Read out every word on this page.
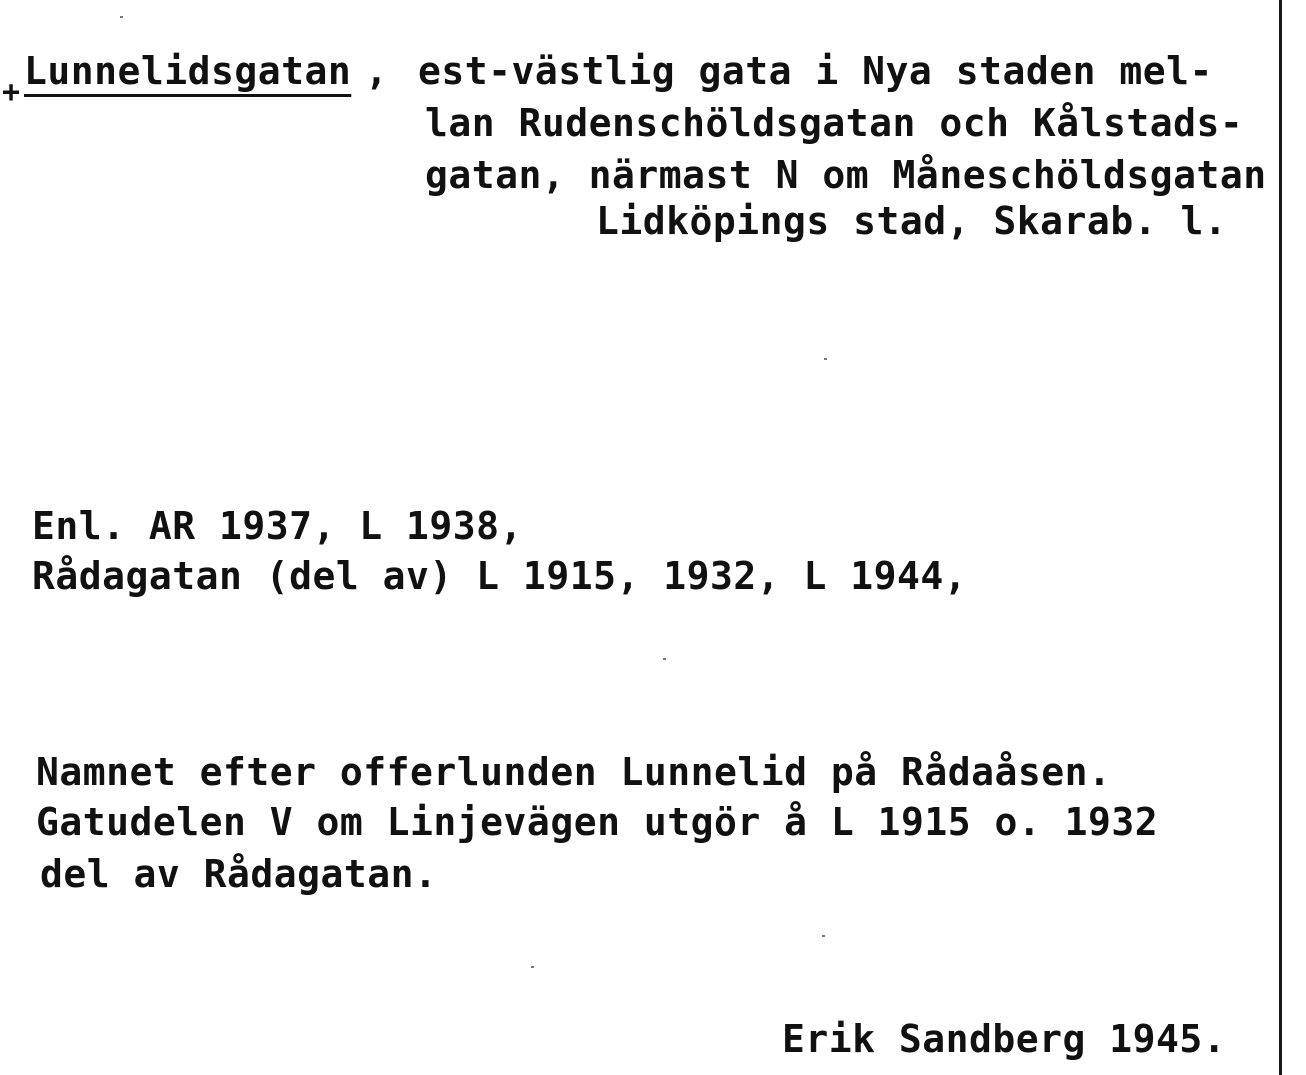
+ Lunnelidsgatan , est-västlig gata i Nya staden mel-

lan Rudenschöldsgatan och Kålstads-

gatan, närmast N om Måneschöldsgatan

Lidköpings stad, Skarab. l.

Enl. AR 1937, L 1938,

Rådagatan (del av) L 1915, 1932, L 1944,

Namnet efter offerlunden Lunnelid på Rådaåsen.

Gatudelen V om Linjevägen utgör å L 1915 o. 1932

del av Rådagatan.

Erik Sandberg 1945.
